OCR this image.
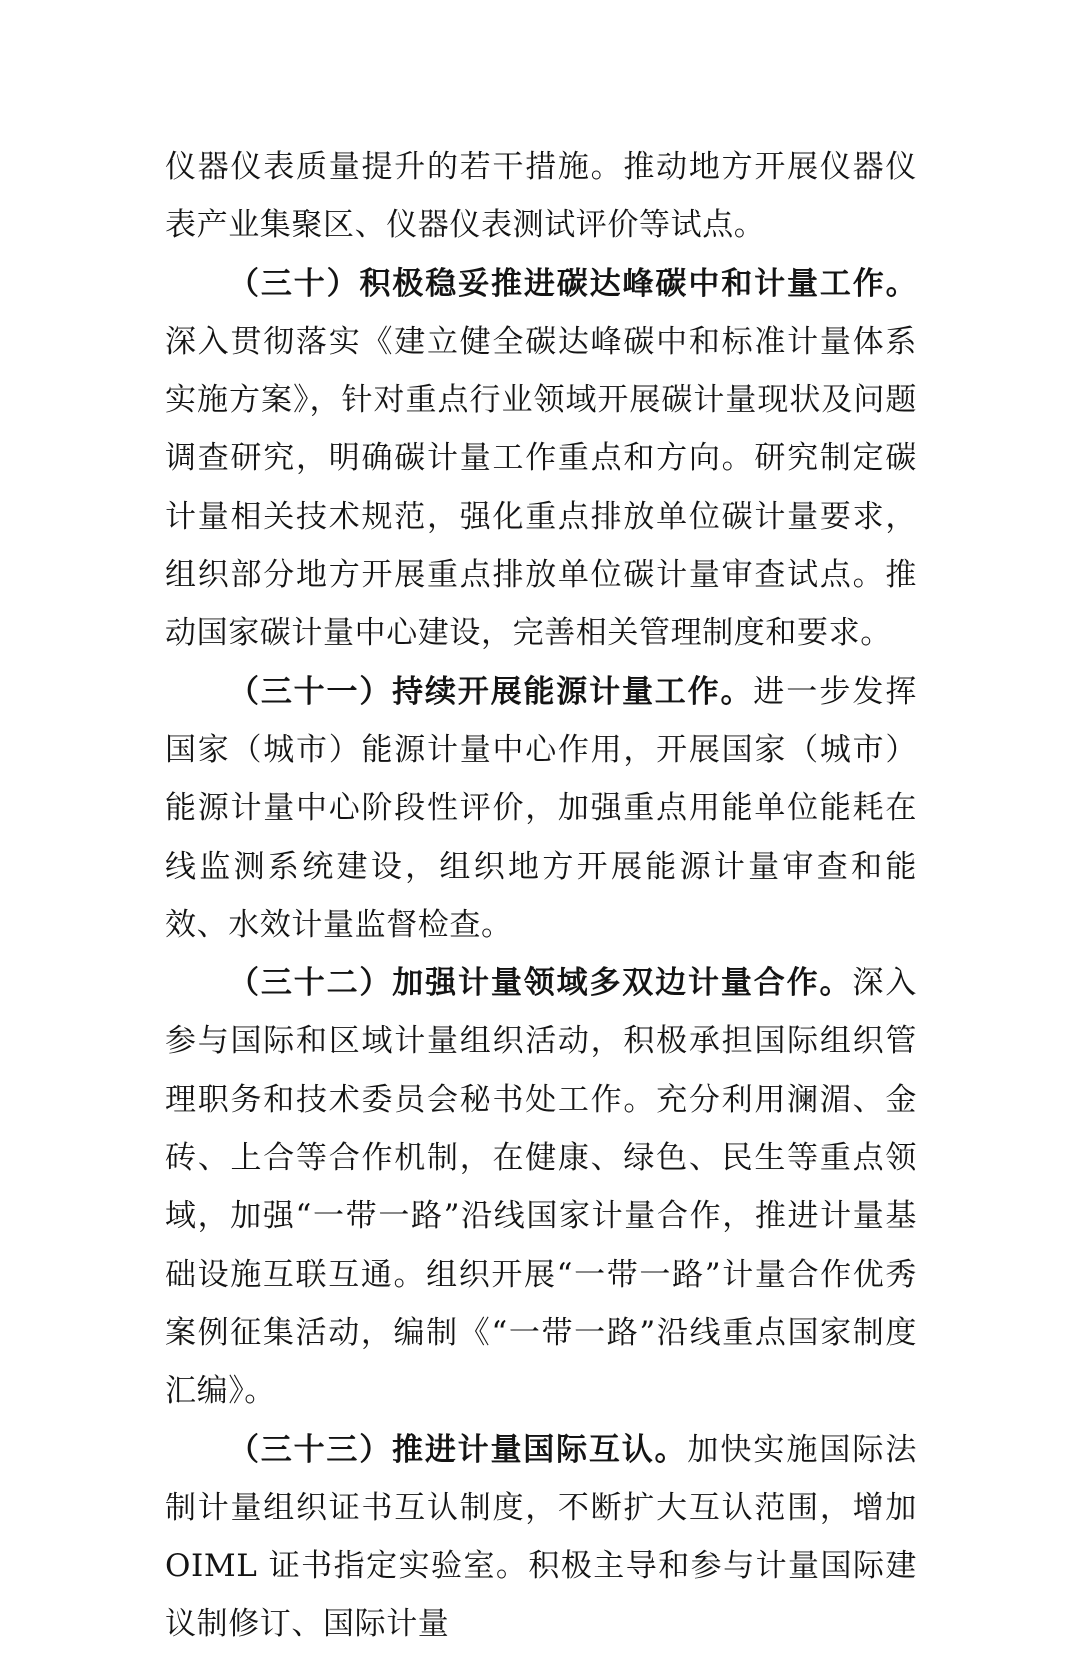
仪器仪表质量提升的若干措施。推动地方开展仪器仪表产业集聚区、仪器仪表测试评价等试点。

（三十）积极稳妥推进碳达峰碳中和计量工作。深入贯彻落实《建立健全碳达峰碳中和标准计量体系实施方案》，针对重点行业领域开展碳计量现状及问题调查研究，明确碳计量工作重点和方向。研究制定碳计量相关技术规范，强化重点排放单位碳计量要求，组织部分地方开展重点排放单位碳计量审查试点。推动国家碳计量中心建设，完善相关管理制度和要求。

（三十一）持续开展能源计量工作。进一步发挥国家（城市）能源计量中心作用，开展国家（城市）能源计量中心阶段性评价，加强重点用能单位能耗在线监测系统建设，组织地方开展能源计量审查和能效、水效计量监督检查。

（三十二）加强计量领域多双边计量合作。深入参与国际和区域计量组织活动，积极承担国际组织管理职务和技术委员会秘书处工作。充分利用澜湄、金砖、上合等合作机制，在健康、绿色、民生等重点领域，加强“一带一路”沿线国家计量合作，推进计量基础设施互联互通。组织开展“一带一路”计量合作优秀案例征集活动，编制《“一带一路”沿线重点国家制度汇编》。

（三十三）推进计量国际互认。加快实施国际法制计量组织证书互认制度，不断扩大互认范围，增加 OIML 证书指定实验室。积极主导和参与计量国际建议制修订、国际计量
